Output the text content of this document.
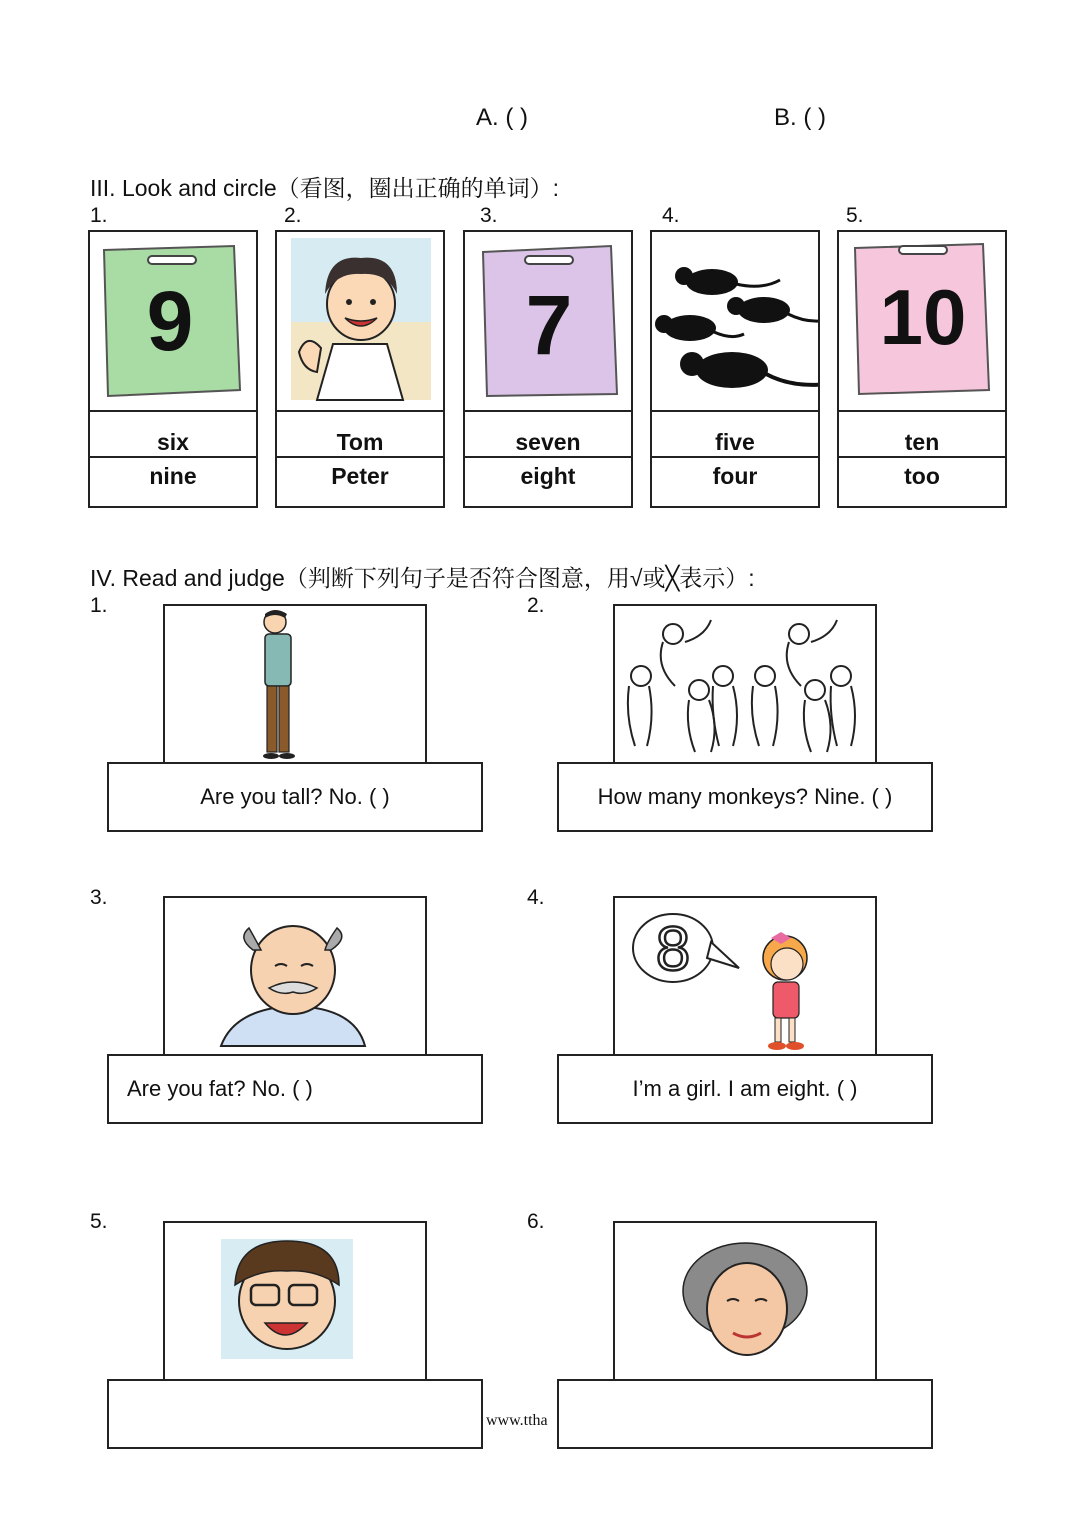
A. ( )	B. ( )
III. Look and circle（看图，圈出正确的单词）:
1.	2.	3.	4.	5.
9
six
nine
Tom
Peter
7
seven
eight
five
four
10
ten
too
IV. Read and judge（判断下列句子是否符合图意，用√或╳表示）:
1.
Are you tall? No. ( )
2.
How many monkeys? Nine. ( )
3.
Are you fat? No. ( )
4.
8
I’m a girl. I am eight. ( )
5.	6.
www.ttha
